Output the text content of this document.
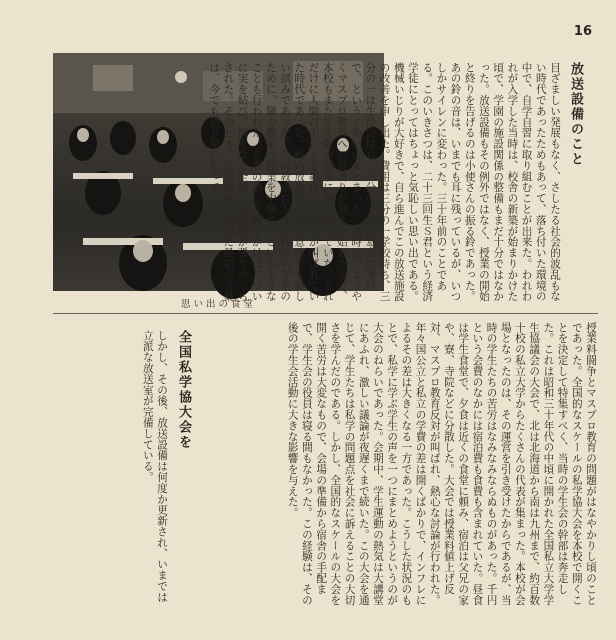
16
思い出の食堂
放送設備のこと
目ざましい発展もなく、さしたる社会的波乱もない時代であったためもあって、落ち付いた環境の中で、自学自習に取り組むことが出来た。われわれが入学した当時は、校舎の新築が始まりかけた頃で、学園の施設関係の整備もまだ十分ではなかった。放送設備もその例外ではなく、授業の開始と終りを告げるのは小使さんの振る鈴であった。あの鈴の音は、いまでも耳に残っているが、いつしかサイレンに変わった。三十年前のことである。このいきさつは、二十三回生Ｓ君という経済学徒にとってはちょっと気恥しい思い出である。機械いじりが大好きで、自ら進んでこの放送施設の改善を申し出た。費用は三分の一学校持ち、三分の一は生徒会持ち、三分の一は同窓会の寄付で、というぐあいにまとまった。当時は、ようやくマスプロ教育への風当りが強まり始めた頃で、本校もまた学生数の増加に頭を痛めていた。それだけに人間の手による教育の大切さが叫ばれていた時代であった。校内放送は、その意味でも新しい試みであった。合同教室に入りきれない学生のために、隣の教室へ授業を中継するというようなことも行われた。Ｓ君の熱心な働きかけは、ついに実を結び、間もなく全校に放送網が張りめぐらされた。そのとき、放送室から流れた最初の言葉は、今でも語り草になっている。
授業料闘争とマスプロ教育の問題がはなやかりし頃のことであった。全国的なスケールの私学協大会を本校で開くことを決定して特集すべく、当時の学生会の幹部は奔走した。これは昭和三十年代の中頃に開かれた全国私立大学学生協議会の大会で、北は北海道から南は九州まで、約百数十校の私立大学からたくさんの代表が集まった。本校が会場となったのは、その運営を引き受けたからであるが、当時の学生たちの苦労はなみなみならぬものがあった。千円という会費のなかには宿泊費も食費も含まれていた。昼食は学生食堂で、夕食は近くの食堂に頼み、宿泊は父兄の家や、寮、寺院などに分散した。大会では授業料値上げ反対、マスプロ教育反対が叫ばれ、熱心な討論が行われた。年々国公立と私立の学費の差は開くばかりで、インフレによるその差は大きくなる一方であった。こうした状況のもとで、私学に学ぶ学生の声を一つにまとめようというのが大会のねらいであった。会期中、学生運動の熱気は大講堂にあふれ、激しい議論が夜遅くまで続いた。この大会を通じて、学生たちは私学の問題点を社会に訴えることの大切さを学んだのである。しかし、全国的なスケールの大会を開く苦労は大変なもので、会場の準備から宿舎の手配まで、学生会の役員は寝る間もなかった。この経験は、その後の学生会活動に大きな影響を与えた。
全国私学協大会を
しかし、その後、放送設備は何度か更新され、いまでは立派な放送室が完備している。
